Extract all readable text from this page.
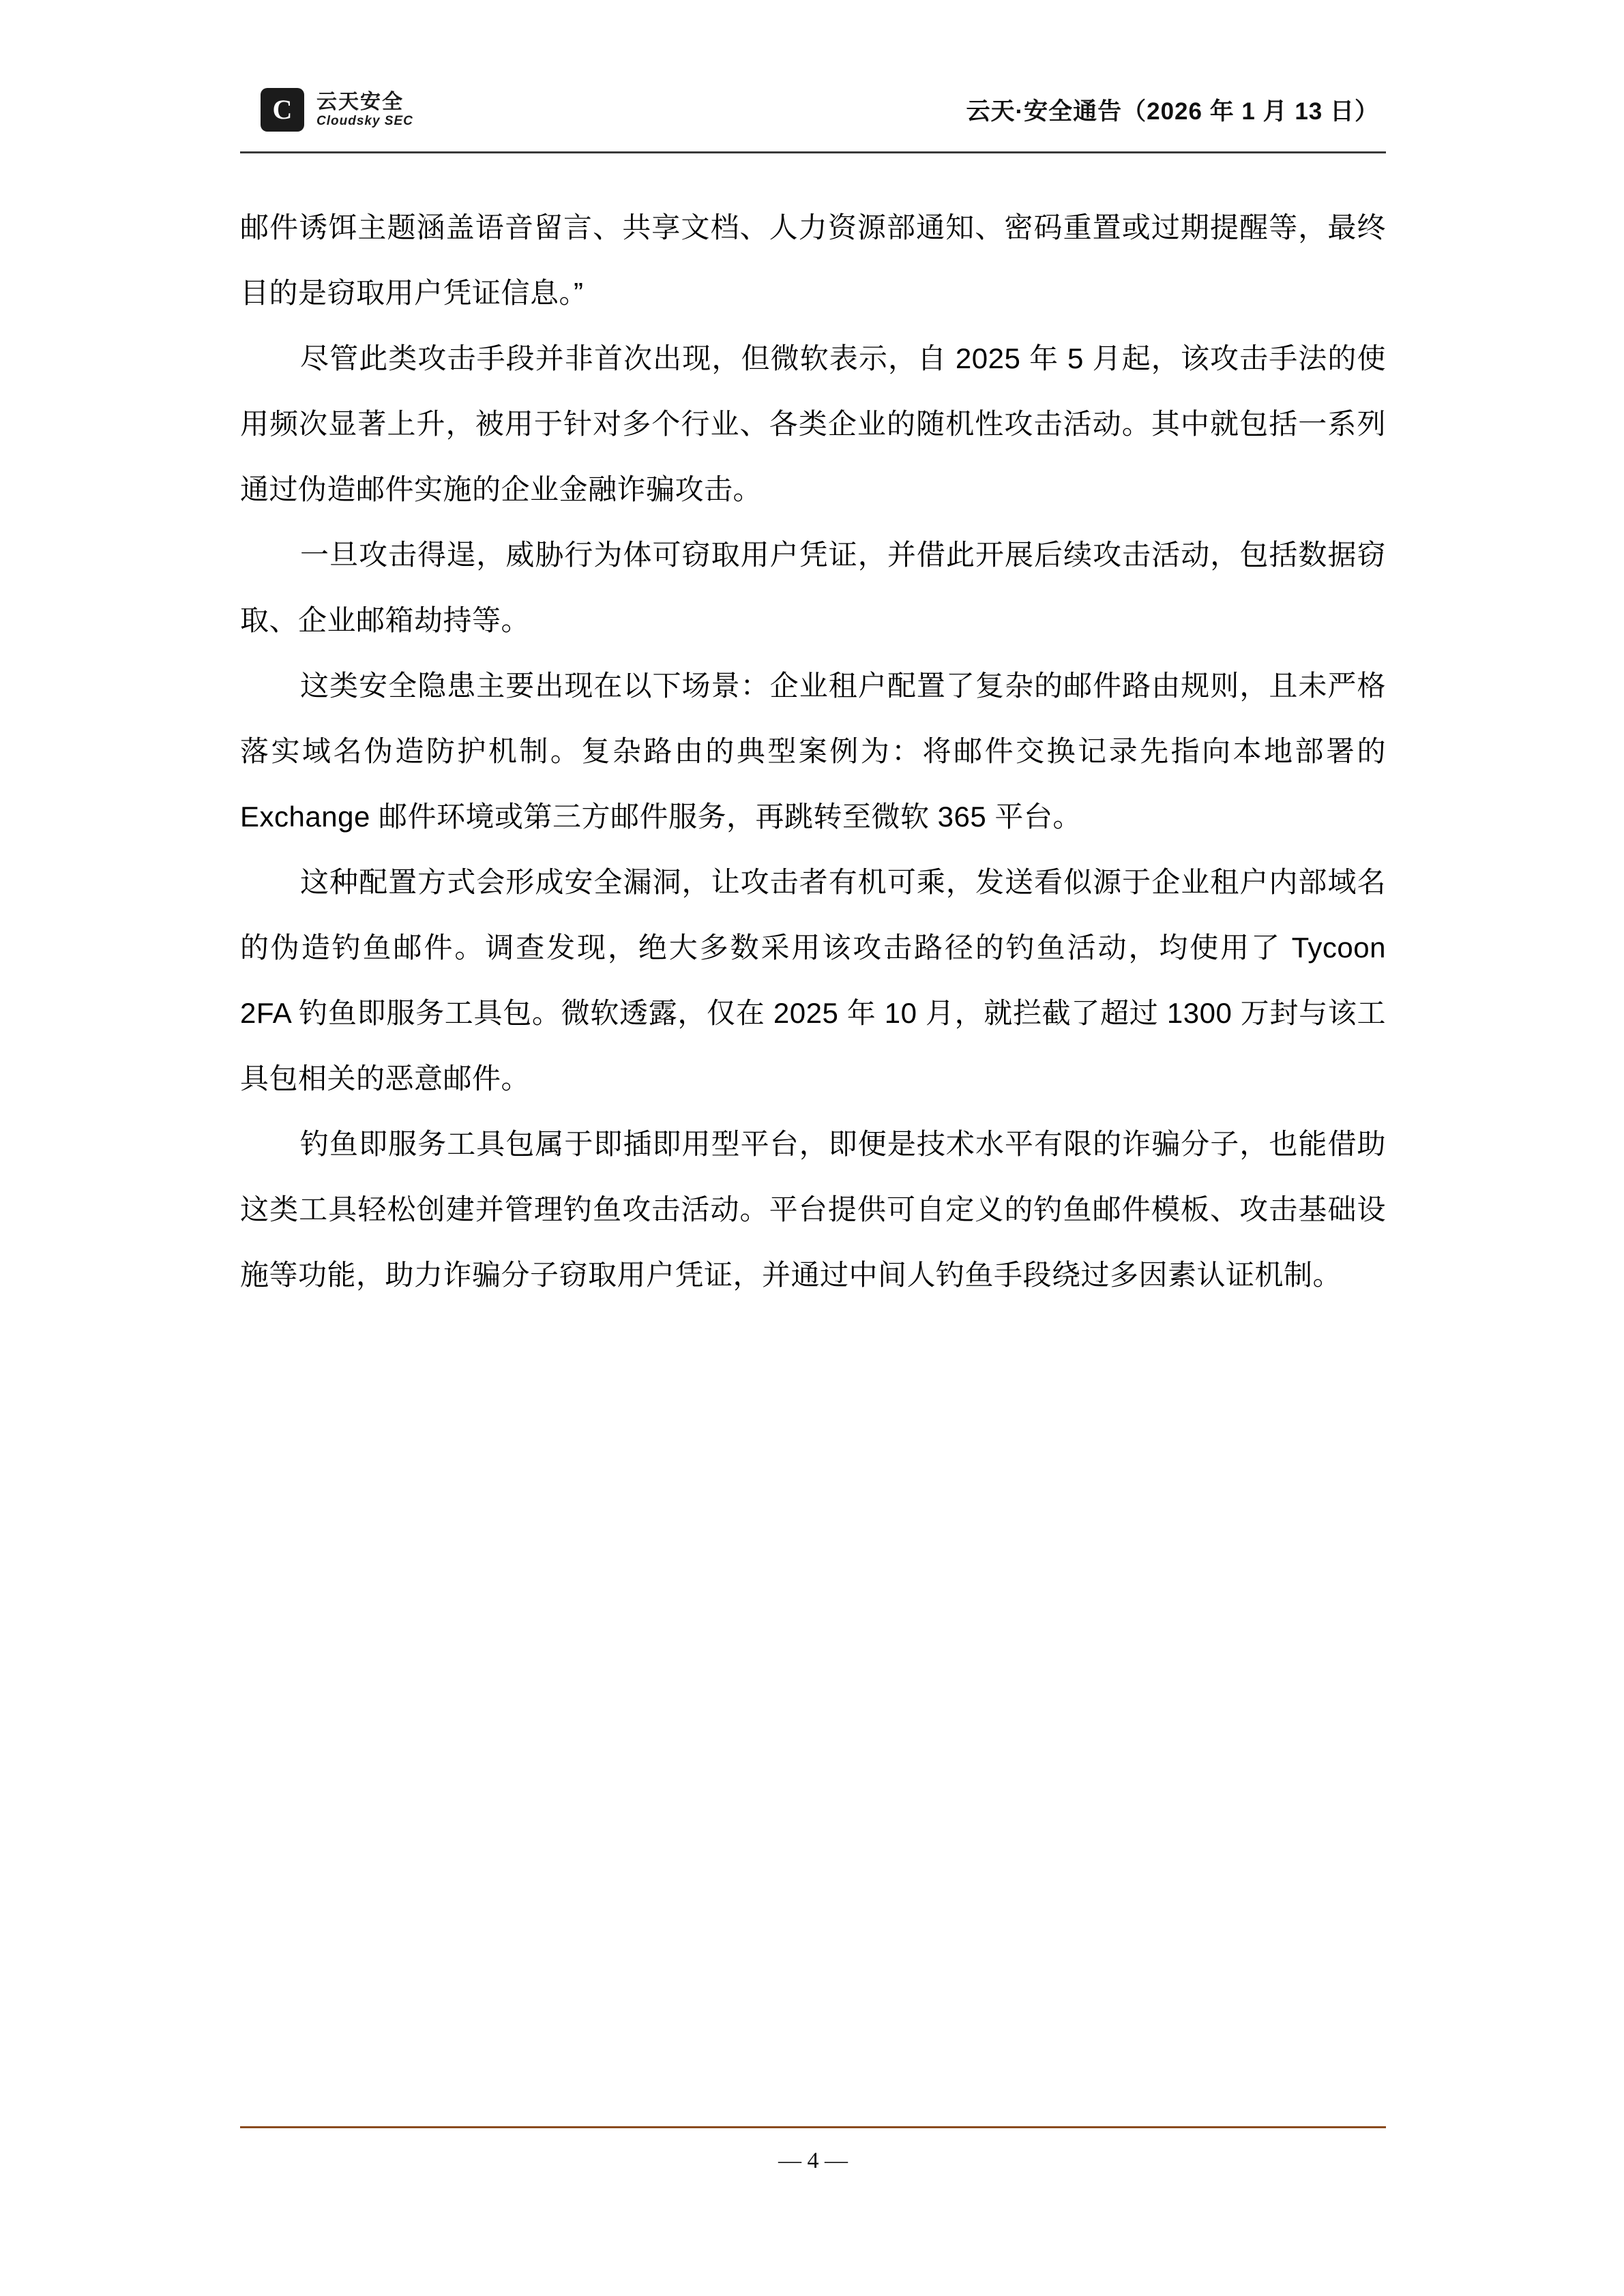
C 云天安全
Cloudsky SEC	云天·安全通告（2026 年 1 月 13 日）

邮件诱饵主题涵盖语音留言、共享文档、人力资源部通知、密码重置或过期提醒等，最终目的是窃取用户凭证信息。”

尽管此类攻击手段并非首次出现，但微软表示，自 2025 年 5 月起，该攻击手法的使用频次显著上升，被用于针对多个行业、各类企业的随机性攻击活动。其中就包括一系列通过伪造邮件实施的企业金融诈骗攻击。

一旦攻击得逞，威胁行为体可窃取用户凭证，并借此开展后续攻击活动，包括数据窃取、企业邮箱劫持等。

这类安全隐患主要出现在以下场景：企业租户配置了复杂的邮件路由规则，且未严格落实域名伪造防护机制。复杂路由的典型案例为：将邮件交换记录先指向本地部署的 Exchange 邮件环境或第三方邮件服务，再跳转至微软 365 平台。

这种配置方式会形成安全漏洞，让攻击者有机可乘，发送看似源于企业租户内部域名的伪造钓鱼邮件。调查发现，绝大多数采用该攻击路径的钓鱼活动，均使用了 Tycoon 2FA 钓鱼即服务工具包。微软透露，仅在 2025 年 10 月，就拦截了超过 1300 万封与该工具包相关的恶意邮件。

钓鱼即服务工具包属于即插即用型平台，即便是技术水平有限的诈骗分子，也能借助这类工具轻松创建并管理钓鱼攻击活动。平台提供可自定义的钓鱼邮件模板、攻击基础设施等功能，助力诈骗分子窃取用户凭证，并通过中间人钓鱼手段绕过多因素认证机制。

— 4 —
